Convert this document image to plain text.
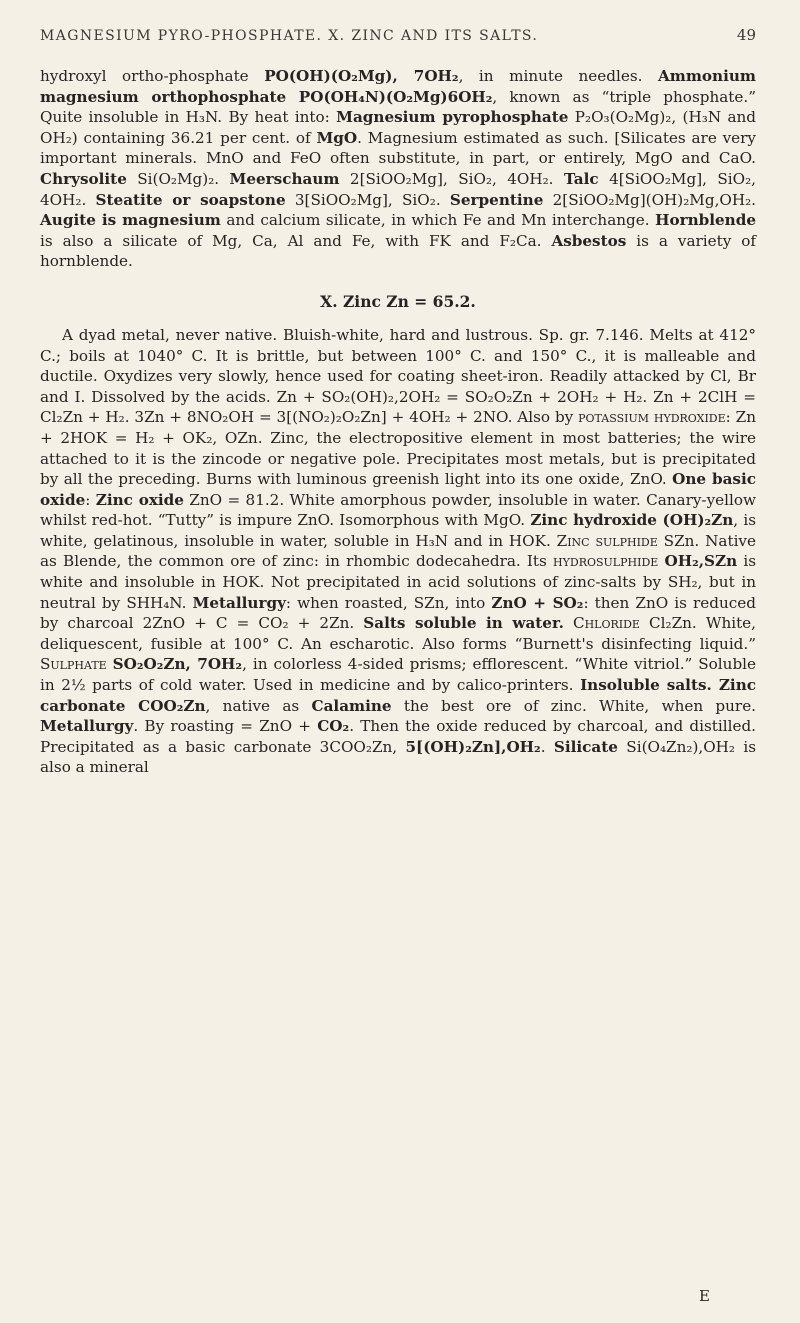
MAGNESIUM PYRO-PHOSPHATE. X. ZINC AND ITS SALTS.	49

hydroxyl ortho-phosphate PO(OH)(O₂Mg), 7OH₂, in minute needles. Ammonium magnesium orthophosphate PO(OH₄N)(O₂Mg)6OH₂, known as “triple phosphate.” Quite insoluble in H₃N. By heat into: Magnesium pyrophosphate P₂O₃(O₂Mg)₂, (H₃N and OH₂) containing 36.21 per cent. of MgO. Magnesium estimated as such. [Silicates are very important minerals. MnO and FeO often substitute, in part, or entirely, MgO and CaO. Chrysolite Si(O₂Mg)₂. Meerschaum 2[SiOO₂Mg], SiO₂, 4OH₂. Talc 4[SiOO₂Mg], SiO₂, 4OH₂. Steatite or soapstone 3[SiOO₂Mg], SiO₂. Serpentine 2[SiOO₂Mg](OH)₂Mg,OH₂. Augite is magnesium and calcium silicate, in which Fe and Mn interchange. Hornblende is also a silicate of Mg, Ca, Al and Fe, with FK and F₂Ca. Asbestos is a variety of hornblende.

X. Zinc Zn = 65.2.

A dyad metal, never native. Bluish-white, hard and lustrous. Sp. gr. 7.146. Melts at 412° C.; boils at 1040° C. It is brittle, but between 100° C. and 150° C., it is malleable and ductile. Oxydizes very slowly, hence used for coating sheet-iron. Readily attacked by Cl, Br and I. Dissolved by the acids. Zn + SO₂(OH)₂,2OH₂ = SO₂O₂Zn + 2OH₂ + H₂. Zn + 2ClH = Cl₂Zn + H₂. 3Zn + 8NO₂OH = 3[(NO₂)₂O₂Zn] + 4OH₂ + 2NO. Also by potassium hydroxide: Zn + 2HOK = H₂ + OK₂, OZn. Zinc, the electropositive element in most batteries; the wire attached to it is the zincode or negative pole. Precipitates most metals, but is precipitated by all the preceding. Burns with luminous greenish light into its one oxide, ZnO. One basic oxide: Zinc oxide ZnO = 81.2. White amorphous powder, insoluble in water. Canary-yellow whilst red-hot. “Tutty” is impure ZnO. Isomorphous with MgO. Zinc hydroxide (OH)₂Zn, is white, gelatinous, insoluble in water, soluble in H₃N and in HOK. Zinc sulphide SZn. Native as Blende, the common ore of zinc: in rhombic dodecahedra. Its hydrosulphide OH₂,SZn is white and insoluble in HOK. Not precipitated in acid solutions of zinc-salts by SH₂, but in neutral by SHH₄N. Metallurgy: when roasted, SZn, into ZnO + SO₂: then ZnO is reduced by charcoal 2ZnO + C = CO₂ + 2Zn. Salts soluble in water. Chloride Cl₂Zn. White, deliquescent, fusible at 100° C. An escharotic. Also forms “Burnett's disinfecting liquid.” Sulphate SO₂O₂Zn, 7OH₂, in colorless 4-sided prisms; efflorescent. “White vitriol.” Soluble in 2½ parts of cold water. Used in medicine and by calico-printers. Insoluble salts. Zinc carbonate COO₂Zn, native as Calamine the best ore of zinc. White, when pure. Metallurgy. By roasting = ZnO + CO₂. Then the oxide reduced by charcoal, and distilled. Precipitated as a basic carbonate 3COO₂Zn, 5[(OH)₂Zn],OH₂. Silicate Si(O₄Zn₂),OH₂ is also a mineral

E
